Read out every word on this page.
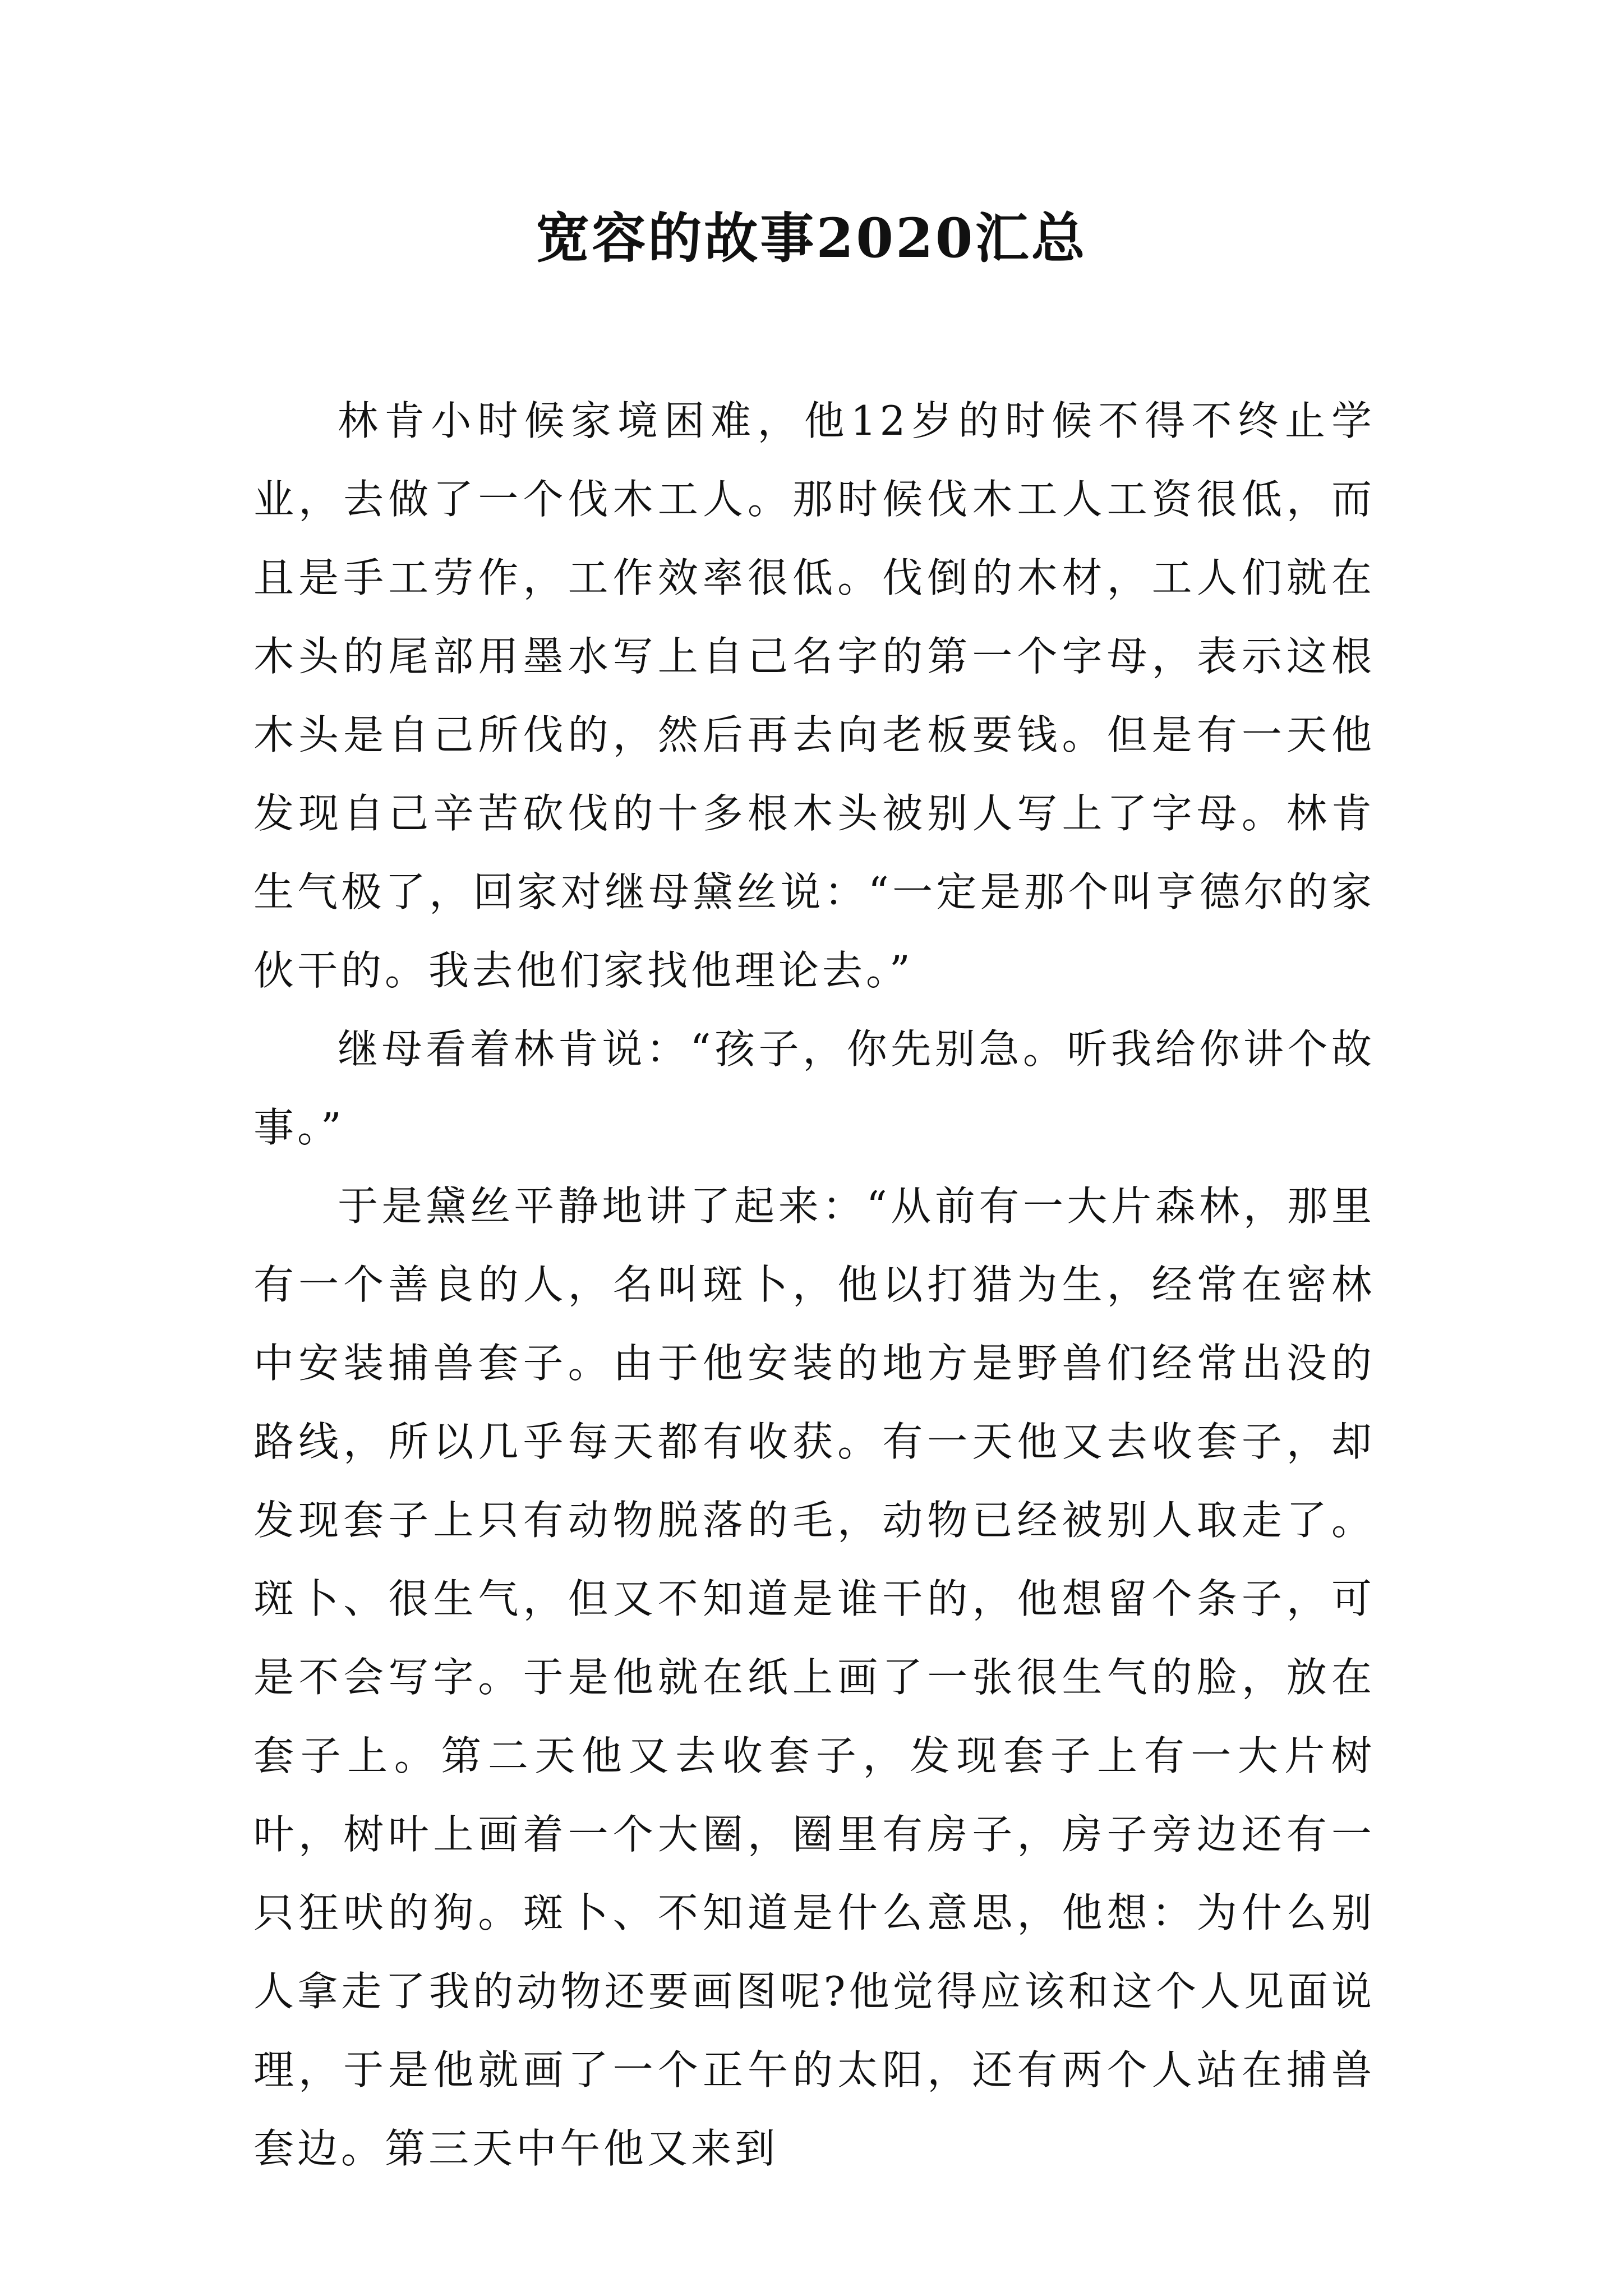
宽容的故事2020汇总

林肯小时候家境困难，他12岁的时候不得不终止学业，去做了一个伐木工人。那时候伐木工人工资很低，而且是手工劳作，工作效率很低。伐倒的木材，工人们就在木头的尾部用墨水写上自己名字的第一个字母，表示这根木头是自己所伐的，然后再去向老板要钱。但是有一天他发现自己辛苦砍伐的十多根木头被别人写上了字母。林肯生气极了，回家对继母黛丝说：“一定是那个叫亨德尔的家伙干的。我去他们家找他理论去。”

继母看着林肯说：“孩子，你先别急。听我给你讲个故事。”

于是黛丝平静地讲了起来：“从前有一大片森林，那里有一个善良的人，名叫斑卜，他以打猎为生，经常在密林中安装捕兽套子。由于他安装的地方是野兽们经常出没的路线，所以几乎每天都有收获。有一天他又去收套子，却发现套子上只有动物脱落的毛，动物已经被别人取走了。斑卜、很生气，但又不知道是谁干的，他想留个条子，可是不会写字。于是他就在纸上画了一张很生气的脸，放在套子上。第二天他又去收套子，发现套子上有一大片树叶，树叶上画着一个大圈，圈里有房子，房子旁边还有一只狂吠的狗。斑卜、不知道是什么意思，他想：为什么别人拿走了我的动物还要画图呢?他觉得应该和这个人见面说理，于是他就画了一个正午的太阳，还有两个人站在捕兽套边。第三天中午他又来到
